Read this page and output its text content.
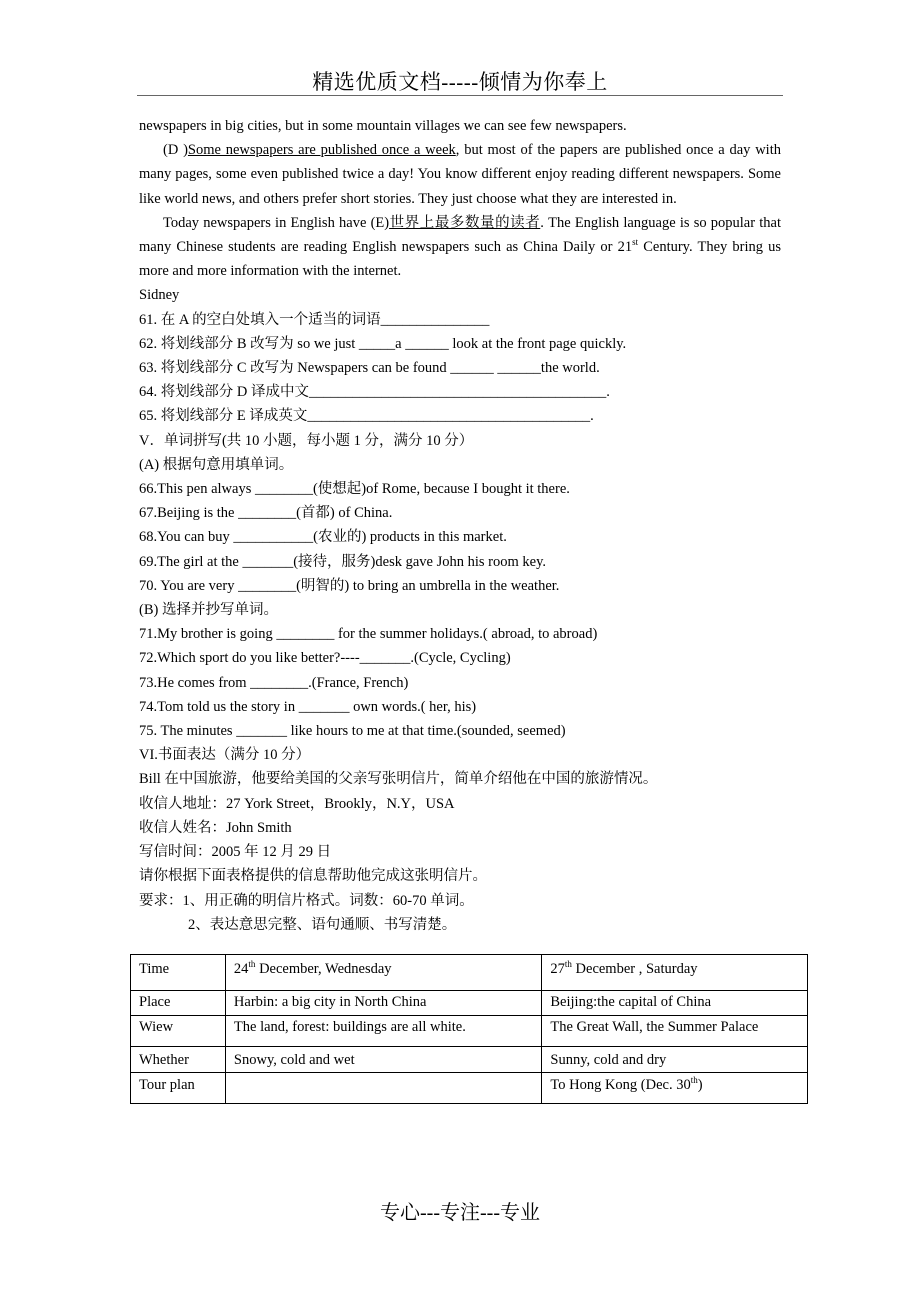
精选优质文档-----倾情为你奉上

newspapers in big cities, but in some mountain villages we can see few newspapers.

(D )Some newspapers are published once a week, but most of the papers are published once a day with many pages, some even published twice a day! You know different enjoy reading different newspapers. Some like world news, and others prefer short stories. They just choose what they are interested in.

Today newspapers in English have (E)世界上最多数量的读者. The English language is so popular that many Chinese students are reading English newspapers such as China Daily or 21st Century. They bring us more and more information with the internet.

Sidney

61. 在 A 的空白处填入一个适当的词语_______________

62. 将划线部分 B 改写为 so we just _____a ______ look at the front page quickly.

63. 将划线部分 C 改写为 Newspapers can be found ______ ______the world.

64. 将划线部分 D 译成中文_________________________________________.

65. 将划线部分 E 译成英文_______________________________________.

V．单词拼写(共 10 小题，每小题 1 分，满分 10 分）

(A) 根据句意用填单词。

66.This pen always ________(使想起)of Rome, because I bought it there.

67.Beijing is the ________(首都) of China.

68.You can buy ___________(农业的) products in this market.

69.The girl at the _______(接待，服务)desk gave John his room key.

70. You are very ________(明智的) to bring an umbrella in the weather.

(B) 选择并抄写单词。

71.My brother is going ________ for the summer holidays.( abroad, to abroad)

72.Which sport do you like better?----_______.(Cycle, Cycling)

73.He comes from ________.(France, French)

74.Tom told us the story in _______ own words.( her, his)

75. The minutes _______ like hours to me at that time.(sounded, seemed)

VI.书面表达（满分 10 分）

Bill 在中国旅游，他要给美国的父亲写张明信片，简单介绍他在中国的旅游情况。

收信人地址：27 York Street，Brookly，N.Y，USA

收信人姓名：John Smith

写信时间：2005 年 12 月 29 日

请你根据下面表格提供的信息帮助他完成这张明信片。

要求：1、用正确的明信片格式。词数：60-70 单词。

2、表达意思完整、语句通顺、书写清楚。

Time	24th December, Wednesday	27th December , Saturday
Place	Harbin: a big city in North China	Beijing:the capital of China
Wiew	The land, forest: buildings are all white.	The Great Wall, the Summer Palace
Whether	Snowy, cold and wet	Sunny, cold and dry
Tour plan		To Hong Kong (Dec. 30th)
专心---专注---专业
